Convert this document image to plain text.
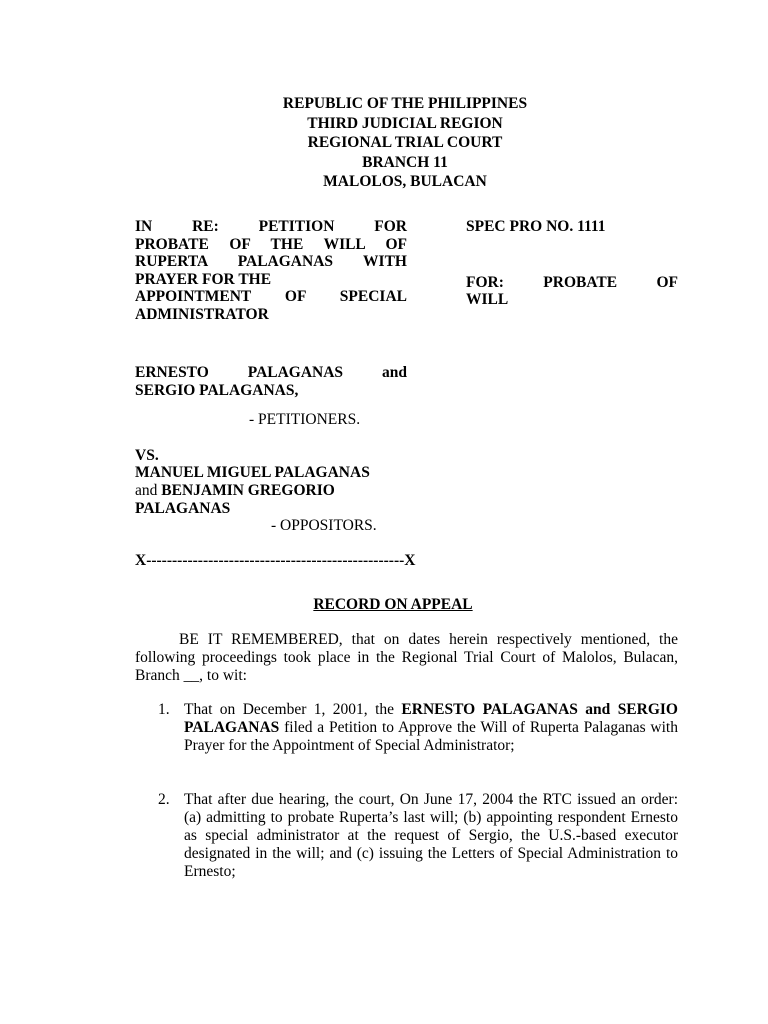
REPUBLIC OF THE PHILIPPINES
THIRD JUDICIAL REGION
REGIONAL TRIAL COURT
BRANCH 11
MALOLOS, BULACAN
IN RE: PETITION FOR
PROBATE OF THE WILL OF
RUPERTA PALAGANAS WITH
PRAYER FOR THE
APPOINTMENT OF SPECIAL
ADMINISTRATOR
SPEC PRO NO. 1111
FOR: PROBATE OF
WILL
ERNESTO PALAGANAS and
SERGIO PALAGANAS,
- PETITIONERS.
VS.
MANUEL MIGUEL PALAGANAS
and BENJAMIN GREGORIO
PALAGANAS
- OPPOSITORS.
X--------------------------------------------------X
RECORD ON APPEAL
BE IT REMEMBERED, that on dates herein respectively mentioned, the following proceedings took place in the Regional Trial Court of Malolos, Bulacan, Branch __, to wit:
1. That on December 1, 2001, the ERNESTO PALAGANAS and SERGIO PALAGANAS filed a Petition to Approve the Will of Ruperta Palaganas with Prayer for the Appointment of Special Administrator;
2. That after due hearing, the court, On June 17, 2004 the RTC issued an order: (a) admitting to probate Ruperta’s last will; (b) appointing respondent Ernesto as special administrator at the request of Sergio, the U.S.-based executor designated in the will; and (c) issuing the Letters of Special Administration to Ernesto;
